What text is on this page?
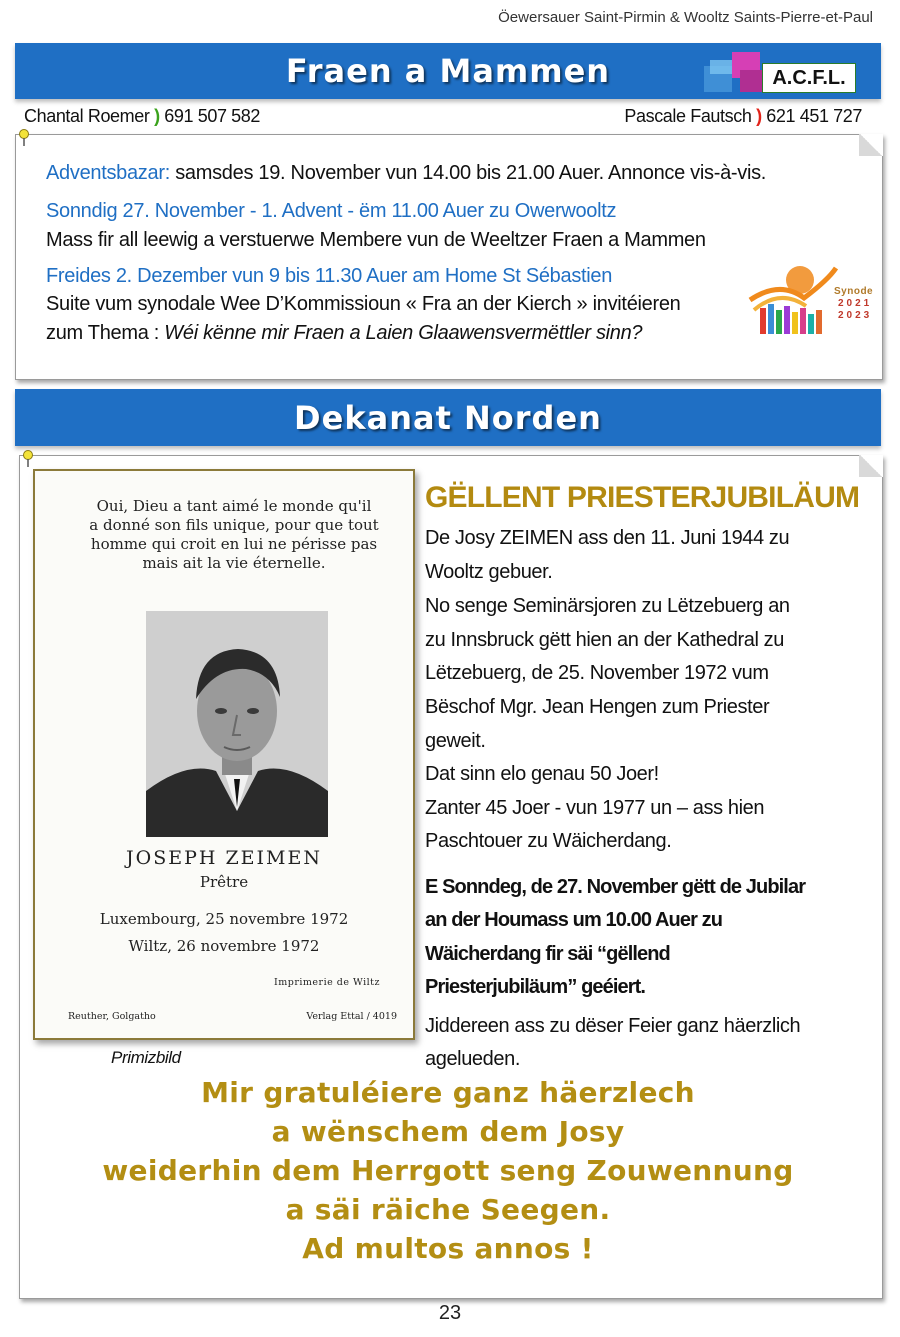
Öewersauer Saint-Pirmin & Wooltz Saints-Pierre-et-Paul
Fraen a Mammen	A.C.F.L.
Chantal Roemer ) 691 507 582	Pascale Fautsch ) 621 451 727
Adventsbazar: samsdes 19. November vun 14.00 bis 21.00 Auer. Annonce vis-à-vis.
Sonndig 27. November - 1. Advent - ëm 11.00 Auer zu Owerwooltz
Mass fir all leewig a verstuerwe Membere vun de Weeltzer Fraen a Mammen
Freides 2. Dezember vun 9 bis 11.30 Auer am Home St Sébastien
Suite vum synodale Wee D’Kommissioun « Fra an der Kierch » invitéieren
zum Thema : Wéi kënne mir Fraen a Laien Glaawensvermëttler sinn?
Synode
2021
2023
Dekanat Norden
Oui, Dieu a tant aimé le monde qu'il
a donné son fils unique, pour que tout
homme qui croit en lui ne périsse pas
mais ait la vie éternelle.
JOSEPH ZEIMEN
Prêtre
Luxembourg, 25 novembre 1972
Wiltz, 26 novembre 1972
Imprimerie de Wiltz
Reuther, Golgatho	Verlag Ettal / 4019
Primizbild
GËLLENT PRIESTERJUBILÄUM
De Josy ZEIMEN ass den 11. Juni 1944 zu
Wooltz gebuer.
No senge Seminärsjoren zu Lëtzebuerg an
zu Innsbruck gëtt hien an der Kathedral zu
Lëtzebuerg, de 25. November 1972 vum
Bëschof Mgr. Jean Hengen zum Priester
geweit.
Dat sinn elo genau 50 Joer!
Zanter 45 Joer - vun 1977 un – ass hien
Paschtouer zu Wäicherdang.
E Sonndeg, de 27. November gëtt de Jubilar
an der Houmass um 10.00 Auer zu
Wäicherdang fir säi “gëllend
Priesterjubiläum” geéiert.
Jiddereen ass zu dëser Feier ganz häerzlich
agelueden.
Mir gratuléiere ganz häerzlech
a wënschem dem Josy
weiderhin dem Herrgott seng Zouwennung
a säi räiche Seegen.
Ad multos annos !
23
